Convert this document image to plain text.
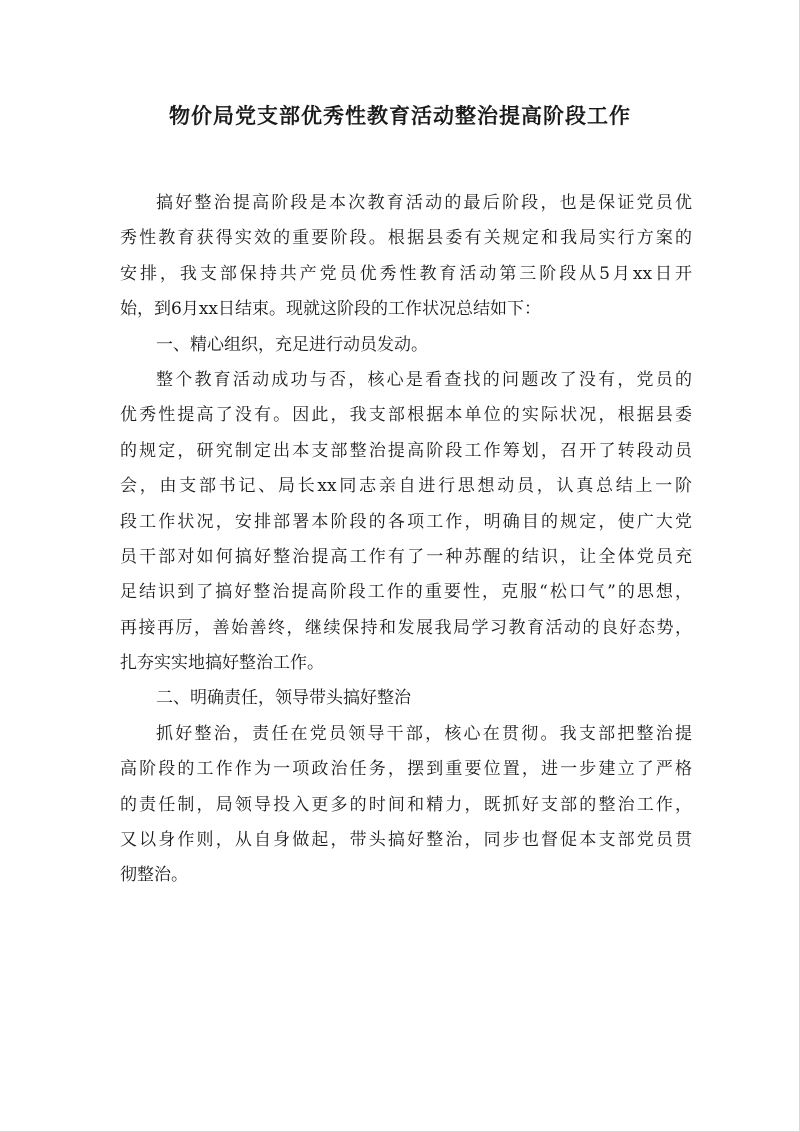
物价局党支部优秀性教育活动整治提高阶段工作
搞好整治提高阶段是本次教育活动的最后阶段，也是保证党员优
秀性教育获得实效的重要阶段。根据县委有关规定和我局实行方案的
安排，我支部保持共产党员优秀性教育活动第三阶段从5月xx日开
始，到6月xx日结束。现就这阶段的工作状况总结如下：
一、精心组织，充足进行动员发动。
整个教育活动成功与否，核心是看查找的问题改了没有，党员的
优秀性提高了没有。因此，我支部根据本单位的实际状况，根据县委
的规定，研究制定出本支部整治提高阶段工作筹划，召开了转段动员
会，由支部书记、局长xx同志亲自进行思想动员，认真总结上一阶
段工作状况，安排部署本阶段的各项工作，明确目的规定，使广大党
员干部对如何搞好整治提高工作有了一种苏醒的结识，让全体党员充
足结识到了搞好整治提高阶段工作的重要性，克服“松口气”的思想，
再接再厉，善始善终，继续保持和发展我局学习教育活动的良好态势，
扎夯实实地搞好整治工作。
二、明确责任，领导带头搞好整治
抓好整治，责任在党员领导干部，核心在贯彻。我支部把整治提
高阶段的工作作为一项政治任务，摆到重要位置，进一步建立了严格
的责任制，局领导投入更多的时间和精力，既抓好支部的整治工作，
又以身作则，从自身做起，带头搞好整治，同步也督促本支部党员贯
彻整治。
